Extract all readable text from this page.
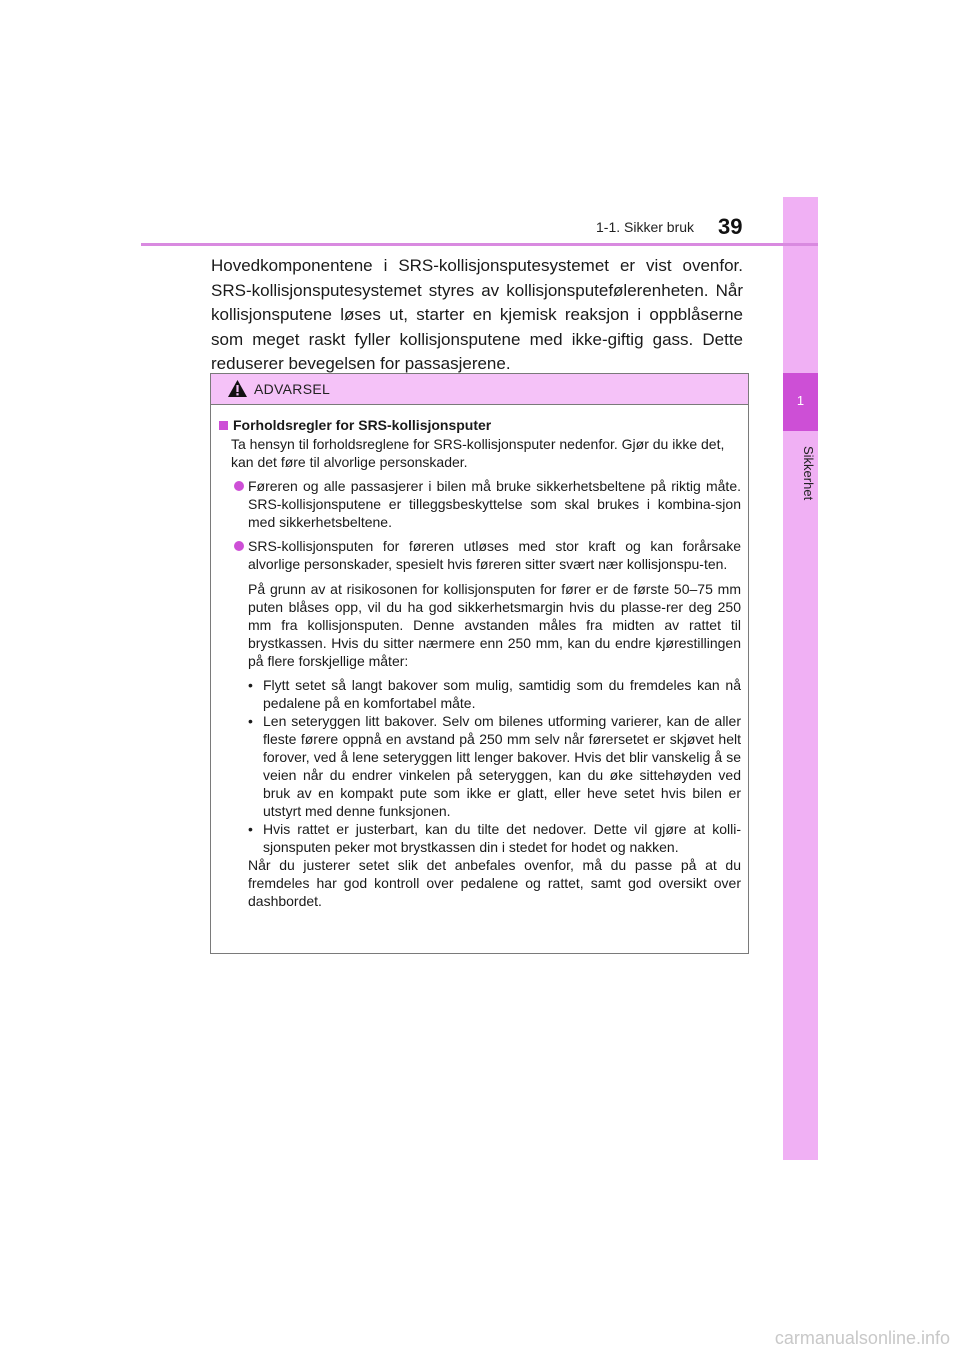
1
Sikkerhet
1-1. Sikker bruk 39
Hovedkomponentene i SRS-kollisjonsputesystemet er vist ovenfor.
SRS-kollisjonsputesystemet styres av kollisjonsputefølerenheten. Når
kollisjonsputene løses ut, starter en kjemisk reaksjon i oppblåserne
som meget raskt fyller kollisjonsputene med ikke-giftig gass. Dette
reduserer bevegelsen for passasjerene.
ADVARSEL
Forholdsregler for SRS-kollisjonsputer

Ta hensyn til forholdsreglene for SRS-kollisjonsputer nedenfor. Gjør du ikke det, kan det føre til alvorlige personskader.

Føreren og alle passasjerer i bilen må bruke sikkerhetsbeltene på riktig måte. SRS-kollisjonsputene er tilleggsbeskyttelse som skal brukes i kombina-sjon med sikkerhetsbeltene.
SRS-kollisjonsputen for føreren utløses med stor kraft og kan forårsake alvorlige personskader, spesielt hvis føreren sitter svært nær kollisjonspu-ten.

På grunn av at risikosonen for kollisjonsputen for fører er de første 50–75 mm puten blåses opp, vil du ha god sikkerhetsmargin hvis du plasse-rer deg 250 mm fra kollisjonsputen. Denne avstanden måles fra midten av rattet til brystkassen. Hvis du sitter nærmere enn 250 mm, kan du endre kjørestillingen på flere forskjellige måter:

• Flytt setet så langt bakover som mulig, samtidig som du fremdeles kan nå pedalene på en komfortabel måte.
• Len seteryggen litt bakover. Selv om bilenes utforming varierer, kan de aller fleste førere oppnå en avstand på 250 mm selv når førersetet er skjøvet helt forover, ved å lene seteryggen litt lenger bakover. Hvis det blir vanskelig å se veien når du endrer vinkelen på seteryggen, kan du øke sittehøyden ved bruk av en kompakt pute som ikke er glatt, eller heve setet hvis bilen er utstyrt med denne funksjonen.
• Hvis rattet er justerbart, kan du tilte det nedover. Dette vil gjøre at kolli-sjonsputen peker mot brystkassen din i stedet for hodet og nakken.

Når du justerer setet slik det anbefales ovenfor, må du passe på at du fremdeles har god kontroll over pedalene og rattet, samt god oversikt over dashbordet.

carmanualsonline.info
